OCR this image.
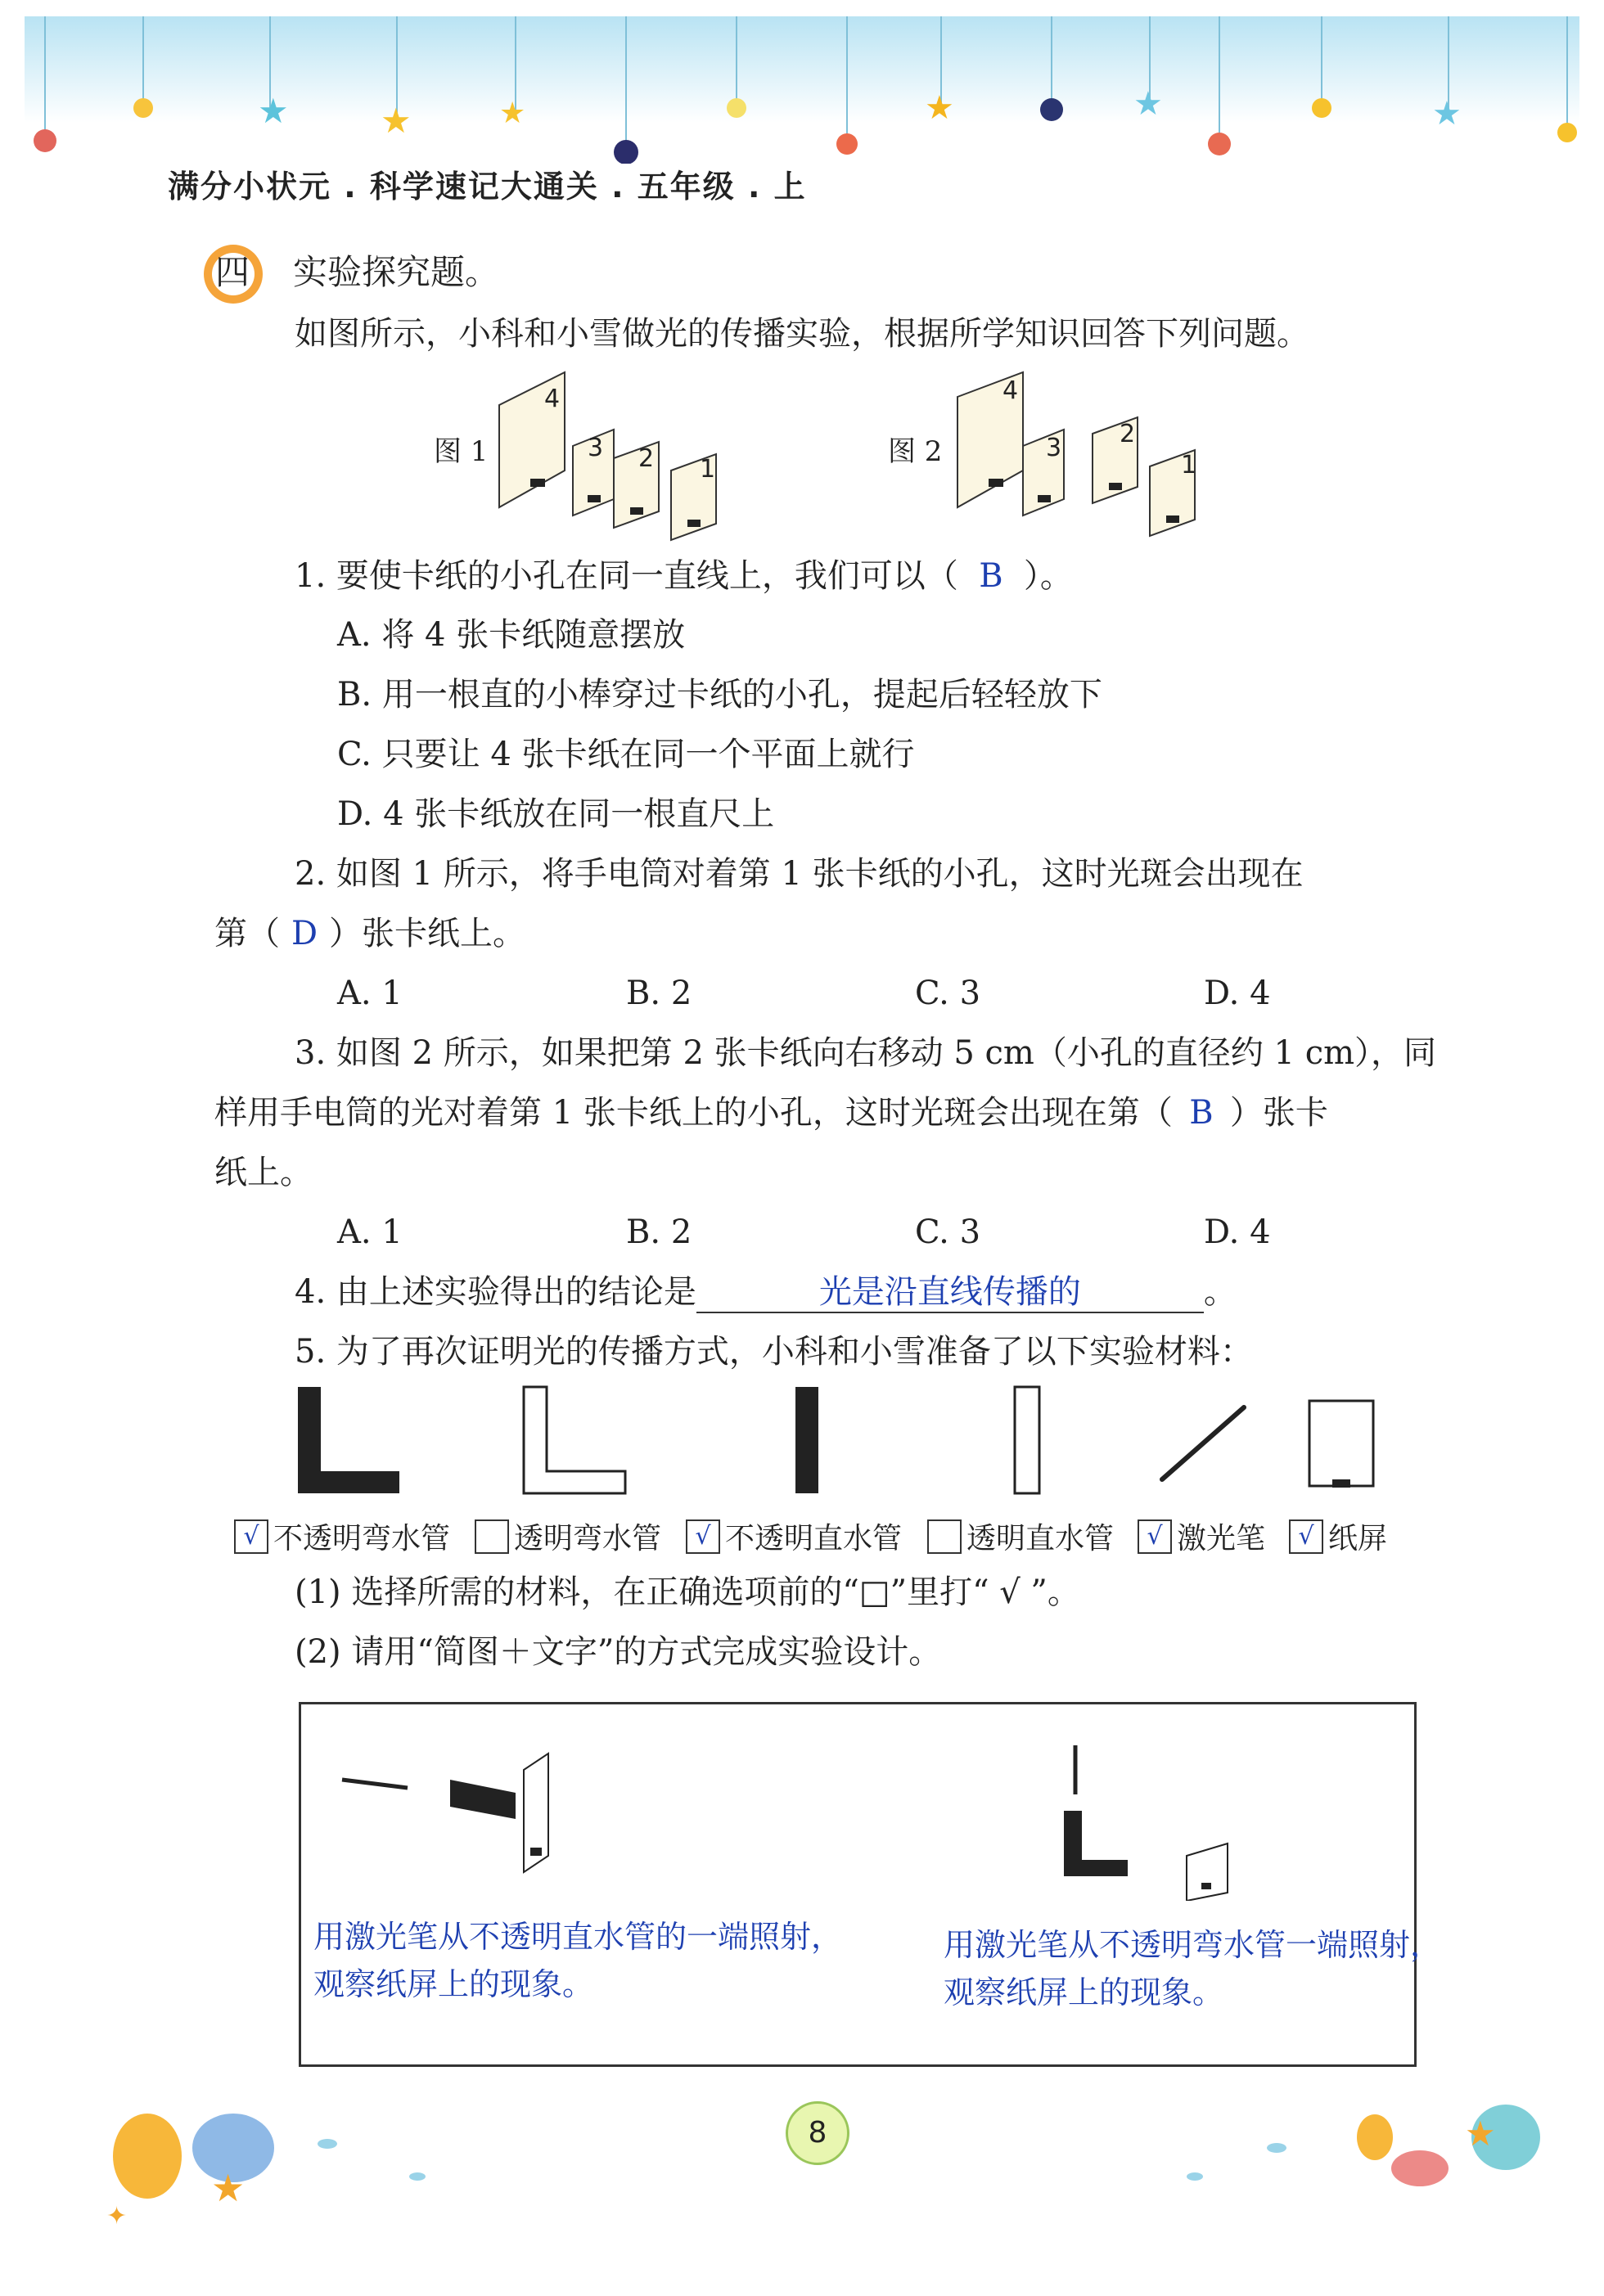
★	★	★	★	★	★
满分小状元 . 科学速记大通关 . 五年级 . 上
四 实验探究题。
如图所示，小科和小雪做光的传播实验，根据所学知识回答下列问题。
图 1	图 2
4
3 2 1
4
3 2
1
1. 要使卡纸的小孔在同一直线上，我们可以（ B ）。
A. 将 4 张卡纸随意摆放
B. 用一根直的小棒穿过卡纸的小孔，提起后轻轻放下
C. 只要让 4 张卡纸在同一个平面上就行
D. 4 张卡纸放在同一根直尺上
2. 如图 1 所示，将手电筒对着第 1 张卡纸的小孔，这时光斑会出现在
第（ D ）张卡纸上。
A. 1	B. 2	C. 3	D. 4
3. 如图 2 所示，如果把第 2 张卡纸向右移动 5 cm（小孔的直径约 1 cm），同
样用手电筒的光对着第 1 张卡纸上的小孔，这时光斑会出现在第（ B ）张卡
纸上。
A. 1	B. 2	C. 3	D. 4
4. 由上述实验得出的结论是	光是沿直线传播的	。
5. 为了再次证明光的传播方式，小科和小雪准备了以下实验材料：
√ 不透明弯水管	透明弯水管	√ 不透明直水管	透明直水管	√ 激光笔	√ 纸屏
(1) 选择所需的材料，在正确选项前的“□”里打“ √ ”。
(2) 请用“简图＋文字”的方式完成实验设计。
用激光笔从不透明直水管的一端照射，
观察纸屏上的现象。
用激光笔从不透明弯水管一端照射，
观察纸屏上的现象。
★
✦
★
8
